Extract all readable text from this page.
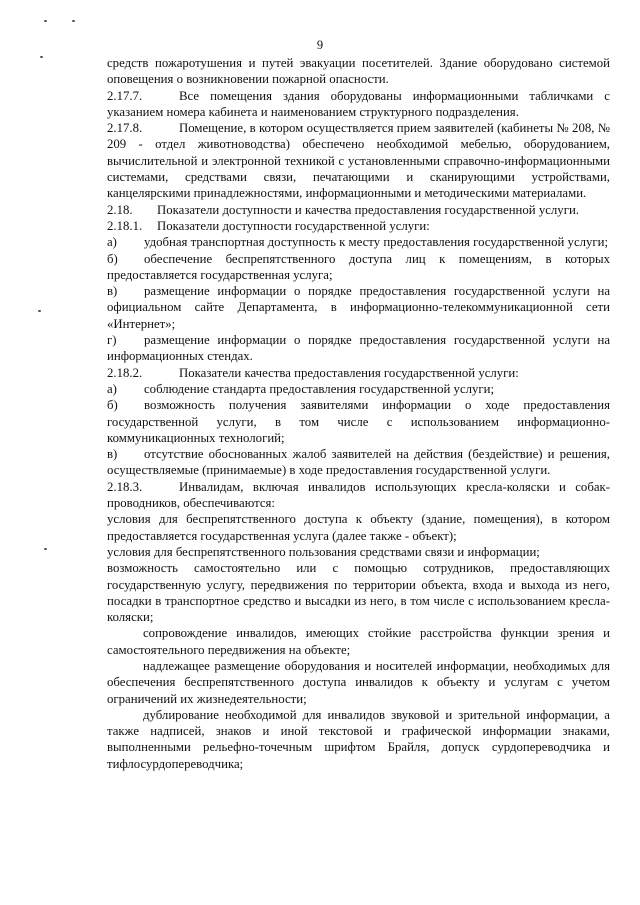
9

средств пожаротушения и путей эвакуации посетителей. Здание оборудовано системой оповещения о возникновении пожарной опасности.

2.17.7.	Все помещения здания оборудованы информационными табличками с указанием номера кабинета и наименованием структурного подразделения.

2.17.8.	Помещение, в котором осуществляется прием заявителей (кабинеты № 208, № 209 - отдел животноводства) обеспечено необходимой мебелью, оборудованием, вычислительной и электронной техникой с установленными справочно-информационными системами, средствами связи, печатающими и сканирующими устройствами, канцелярскими принадлежностями, информационными и методическими материалами.

2.18. Показатели доступности и качества предоставления государственной услуги.

2.18.1. Показатели доступности государственной услуги:

а) удобная транспортная доступность к месту предоставления государственной услуги;

б) обеспечение беспрепятственного доступа лиц к помещениям, в которых предоставляется государственная услуга;

в) размещение информации о порядке предоставления государственной услуги на официальном сайте Департамента, в информационно-телекоммуникационной сети «Интернет»;

г) размещение информации о порядке предоставления государственной услуги на информационных стендах.

2.18.2.	Показатели качества предоставления государственной услуги:

а) соблюдение стандарта предоставления государственной услуги;

б) возможность получения заявителями информации о ходе предоставления государственной услуги, в том числе с использованием информационно-коммуникационных технологий;

в) отсутствие обоснованных жалоб заявителей на действия (бездействие) и решения, осуществляемые (принимаемые) в ходе предоставления государственной услуги.

2.18.3.	Инвалидам, включая инвалидов использующих кресла-коляски и собак-проводников, обеспечиваются:

условия для беспрепятственного доступа к объекту (здание, помещения), в котором предоставляется государственная услуга (далее также - объект);

условия для беспрепятственного пользования средствами связи и информации;

возможность самостоятельно или с помощью сотрудников, предоставляющих государственную услугу, передвижения по территории объекта, входа и выхода из него, посадки в транспортное средство и высадки из него, в том числе с использованием кресла-коляски;

сопровождение инвалидов, имеющих стойкие расстройства функции зрения и самостоятельного передвижения на объекте;

надлежащее размещение оборудования и носителей информации, необходимых для обеспечения беспрепятственного доступа инвалидов к объекту и услугам с учетом ограничений их жизнедеятельности;

дублирование необходимой для инвалидов звуковой и зрительной информации, а также надписей, знаков и иной текстовой и графической информации знаками, выполненными рельефно-точечным шрифтом Брайля, допуск сурдопереводчика и тифлосурдопереводчика;
